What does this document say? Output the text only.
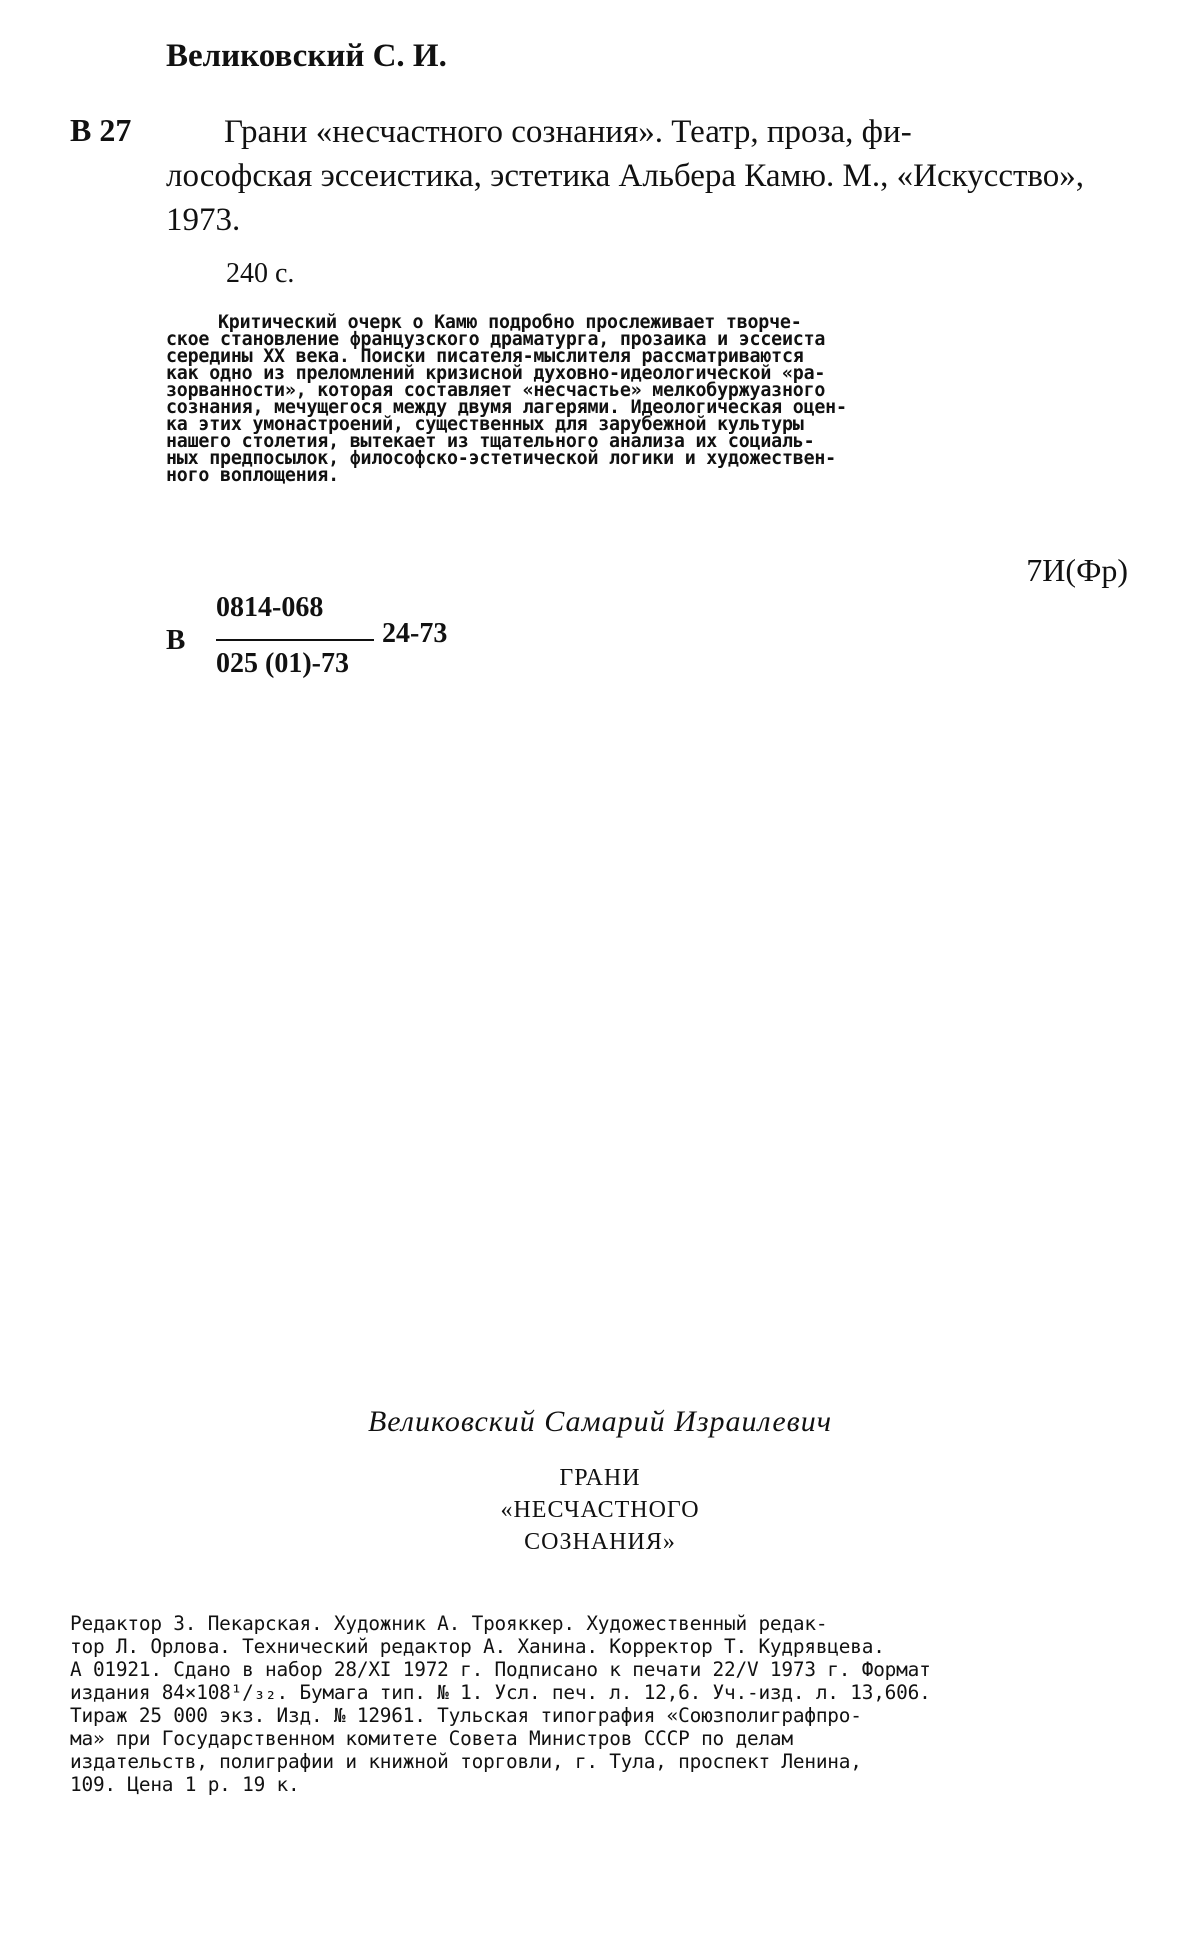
Великовский С. И.
В 27	Грани «несчастного сознания». Театр, проза, фи-
лософская эссеистика, эстетика Альбера Камю. М., «Искусство», 1973.
240 с.
Критический очерк о Камю подробно прослеживает творче-
ское становление французского драматурга, прозаика и эссеиста
середины XX века. Поиски писателя-мыслителя рассматриваются
как одно из преломлений кризисной духовно-идеологической «ра-
зорванности», которая составляет «несчастье» мелкобуржуазного
сознания, мечущегося между двумя лагерями. Идеологическая оцен-
ка этих умонастроений, существенных для зарубежной культуры
нашего столетия, вытекает из тщательного анализа их социаль-
ных предпосылок, философско-эстетической логики и художествен-
ного воплощения.
7И(Фр)
В
0814-068
24-73
025 (01)-73
Великовский Самарий Израилевич
ГРАНИ
«НЕСЧАСТНОГО
СОЗНАНИЯ»
Редактор З. Пекарская. Художник А. Трояккер. Художественный редак-
тор Л. Орлова. Технический редактор А. Ханина. Корректор Т. Кудрявцева.
А 01921. Сдано в набор 28/XI 1972 г. Подписано к печати 22/V 1973 г. Формат
издания 84×108¹/₃₂. Бумага тип. № 1. Усл. печ. л. 12,6. Уч.-изд. л. 13,606.
Тираж 25 000 экз. Изд. № 12961. Тульская типография «Союзполиграфпро-
ма» при Государственном комитете Совета Министров СССР по делам
издательств, полиграфии и книжной торговли, г. Тула, проспект Ленина,
109. Цена 1 р. 19 к.
